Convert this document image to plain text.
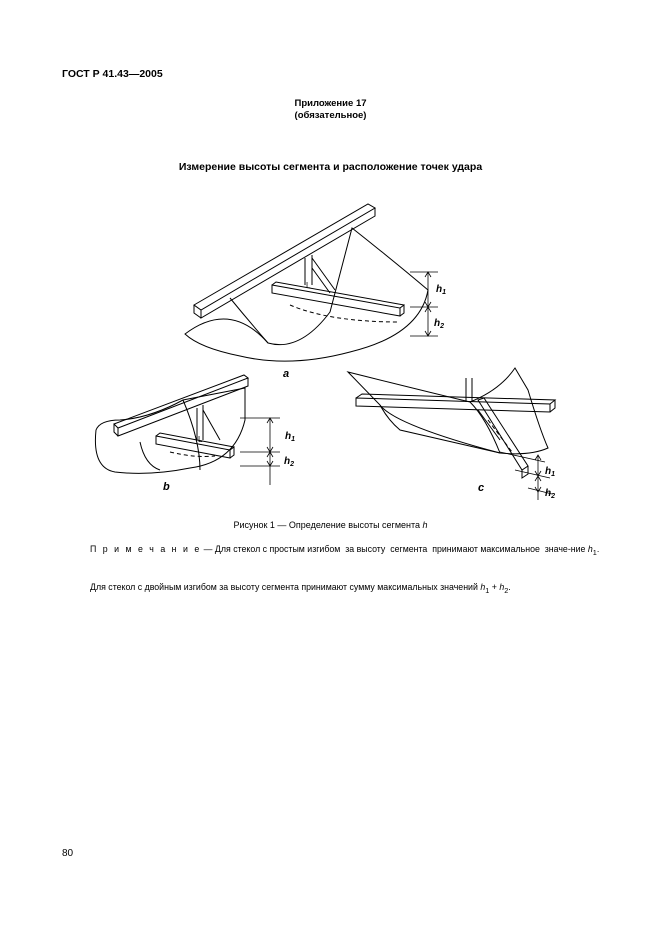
ГОСТ Р 41.43—2005
Приложение 17
(обязательное)
Измерение высоты сегмента и расположение точек удара
$h_1$
$h_2$
L
a
$h_1$
$h_2$
L
b
$h_1$
$h_2$
c
Рисунок 1 — Определение высоты сегмента h
П р и м е ч а н и е — Для стекол с простым изгибом  за высоту  сегмента  принимают максимальное  значе-ние $h_1$.
Для стекол с двойным изгибом за высоту сегмента принимают сумму максимальных значений $h_1 + h_2$.
80
